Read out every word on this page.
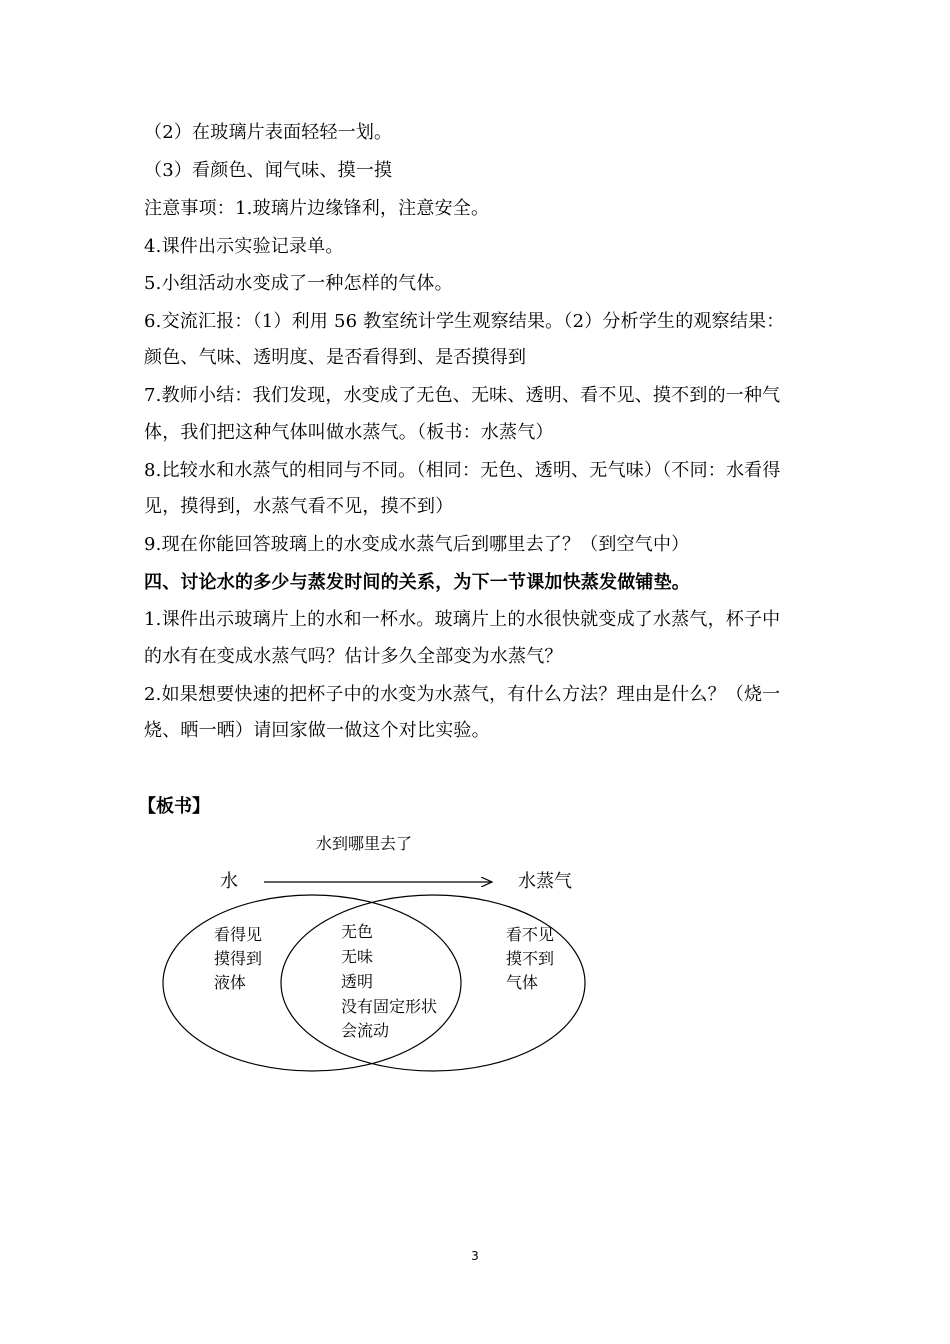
（2）在玻璃片表面轻轻一划。
（3）看颜色、闻气味、摸一摸
注意事项：1.玻璃片边缘锋利，注意安全。
4.课件出示实验记录单。
5.小组活动水变成了一种怎样的气体。
6.交流汇报：（1）利用 56 教室统计学生观察结果。（2）分析学生的观察结果：
颜色、气味、透明度、是否看得到、是否摸得到
7.教师小结：我们发现，水变成了无色、无味、透明、看不见、摸不到的一种气
体，我们把这种气体叫做水蒸气。（板书：水蒸气）
8.比较水和水蒸气的相同与不同。（相同：无色、透明、无气味）（不同：水看得
见，摸得到，水蒸气看不见，摸不到）
9.现在你能回答玻璃上的水变成水蒸气后到哪里去了？（到空气中）
四、讨论水的多少与蒸发时间的关系，为下一节课加快蒸发做铺垫。
1.课件出示玻璃片上的水和一杯水。玻璃片上的水很快就变成了水蒸气，杯子中
的水有在变成水蒸气吗？估计多久全部变为水蒸气？
2.如果想要快速的把杯子中的水变为水蒸气，有什么方法？理由是什么？（烧一
烧、晒一晒）请回家做一做这个对比实验。
【板书】
水到哪里去了
水	水蒸气
看得见
摸得到
液体
无色
无味
透明
没有固定形状
会流动
看不见
摸不到
气体
3
